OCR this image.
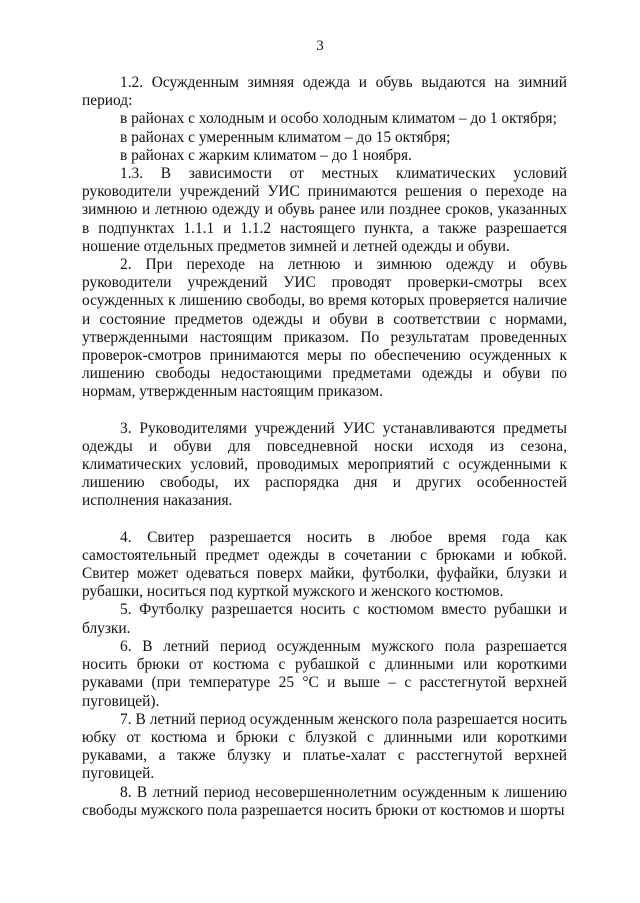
3

1.2. Осужденным зимняя одежда и обувь выдаются на зимний период:

в районах с холодным и особо холодным климатом – до 1 октября;

в районах с умеренным климатом – до 15 октября;

в районах с жарким климатом – до 1 ноября.

1.3. В зависимости от местных климатических условий руководители учреждений УИС принимаются решения о переходе на зимнюю и летнюю одежду и обувь ранее или позднее сроков, указанных в подпунктах 1.1.1 и 1.1.2 настоящего пункта, а также разрешается ношение отдельных предметов зимней и летней одежды и обуви.

2. При переходе на летнюю и зимнюю одежду и обувь руководители учреждений УИС проводят проверки-смотры всех осужденных к лишению свободы, во время которых проверяется наличие и состояние предметов одежды и обуви в соответствии с нормами, утвержденными настоящим приказом. По результатам проведенных проверок-смотров принимаются меры по обеспечению осужденных к лишению свободы недостающими предметами одежды и обуви по нормам, утвержденным настоящим приказом.

3. Руководителями учреждений УИС устанавливаются предметы одежды и обуви для повседневной носки исходя из сезона, климатических условий, проводимых мероприятий с осужденными к лишению свободы, их распорядка дня и других особенностей исполнения наказания.

4. Свитер разрешается носить в любое время года как самостоятельный предмет одежды в сочетании с брюками и юбкой. Свитер может одеваться поверх майки, футболки, фуфайки, блузки и рубашки, носиться под курткой мужского и женского костюмов.

5. Футболку разрешается носить с костюмом вместо рубашки и блузки.

6. В летний период осужденным мужского пола разрешается носить брюки от костюма с рубашкой с длинными или короткими рукавами (при температуре 25 °С и выше – с расстегнутой верхней пуговицей).

7. В летний период осужденным женского пола разрешается носить юбку от костюма и брюки с блузкой с длинными или короткими рукавами, а также блузку и платье-халат с расстегнутой верхней пуговицей.

8. В летний период несовершеннолетним осужденным к лишению свободы мужского пола разрешается носить брюки от костюмов и шорты
